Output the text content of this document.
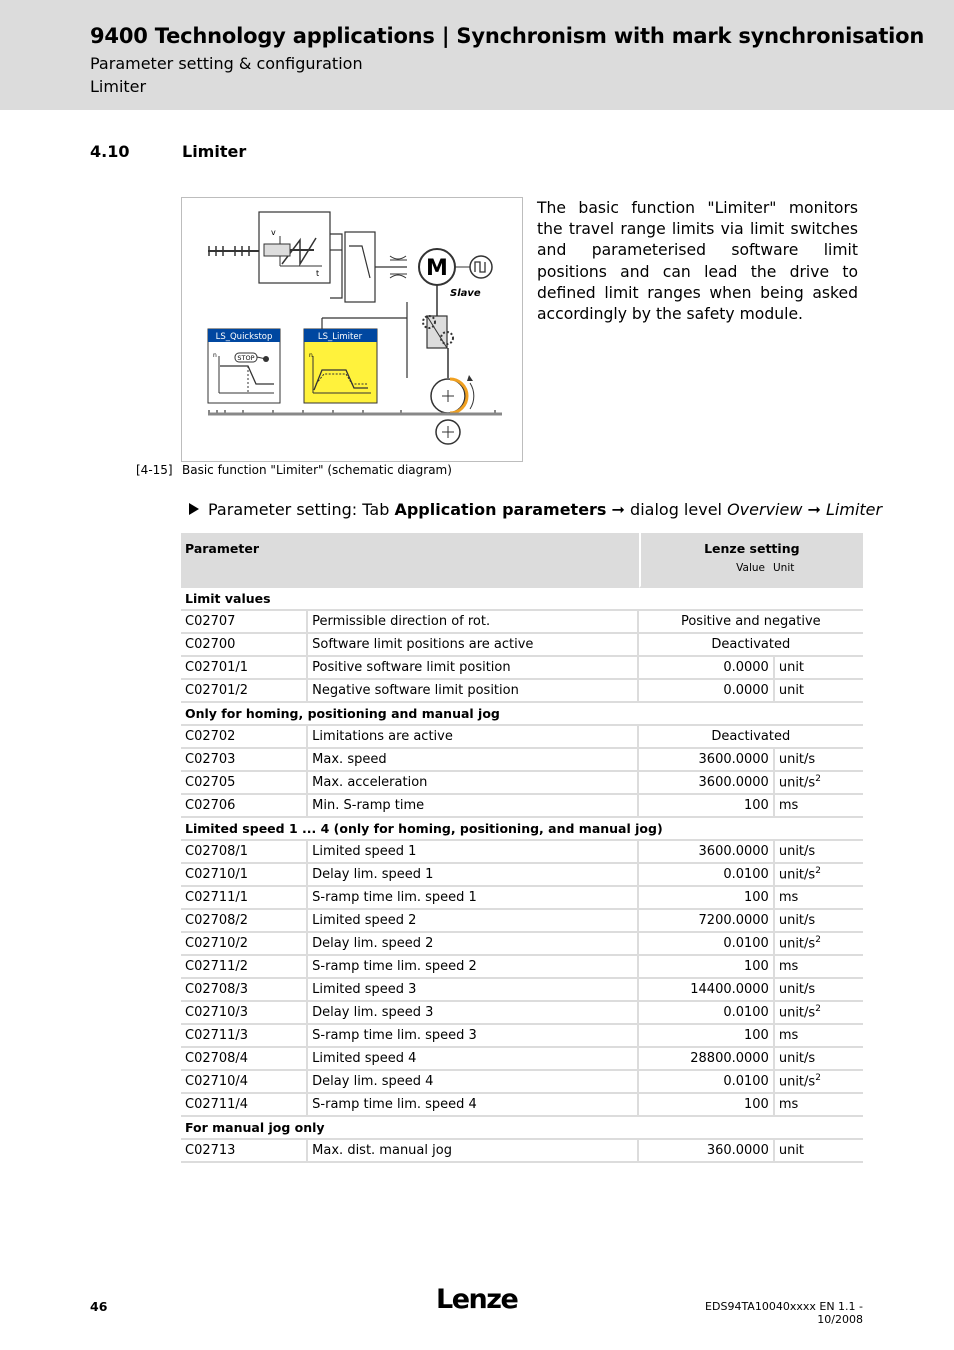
9400 Technology applications | Synchronism with mark synchronisation
Parameter setting & configuration
Limiter
4.10	Limiter
v
t	M
Slave
LS_Quickstop
n	STOP
LS_Limiter
n
The basic function "Limiter" monitors the travel range limits via limit switches and parameterised software limit positions and can lead the drive to defined limit ranges when being asked accordingly by the safety module.
[4-15] Basic function "Limiter" (schematic diagram)
Parameter setting: Tab Application parameters ➞ dialog level Overview ➞ Limiter
Parameter		Lenze setting
Value Unit	

Limit values			
C02707	Permissible direction of rot.	Positive and negative	
C02700	Software limit positions are active	Deactivated	
C02701/1	Positive software limit position	0.0000	unit
C02701/2	Negative software limit position	0.0000	unit
Only for homing, positioning and manual jog			
C02702	Limitations are active	Deactivated	
C02703	Max. speed	3600.0000	unit/s
C02705	Max. acceleration	3600.0000	unit/$s^2$
C02706	Min. S-ramp time	100	ms
Limited speed 1 ... 4 (only for homing, positioning, and manual jog)			
C02708/1	Limited speed 1	3600.0000	unit/s
C02710/1	Delay lim. speed 1	0.0100	unit/$s^2$
C02711/1	S-ramp time lim. speed 1	100	ms
C02708/2	Limited speed 2	7200.0000	unit/s
C02710/2	Delay lim. speed 2	0.0100	unit/$s^2$
C02711/2	S-ramp time lim. speed 2	100	ms
C02708/3	Limited speed 3	14400.0000	unit/s
C02710/3	Delay lim. speed 3	0.0100	unit/$s^2$
C02711/3	S-ramp time lim. speed 3	100	ms
C02708/4	Limited speed 4	28800.0000	unit/s
C02710/4	Delay lim. speed 4	0.0100	unit/$s^2$
C02711/4	S-ramp time lim. speed 4	100	ms
For manual jog only			
C02713	Max. dist. manual jog	360.0000	unit
46	Lenze	EDS94TA10040xxxx EN 1.1 - 10/2008
